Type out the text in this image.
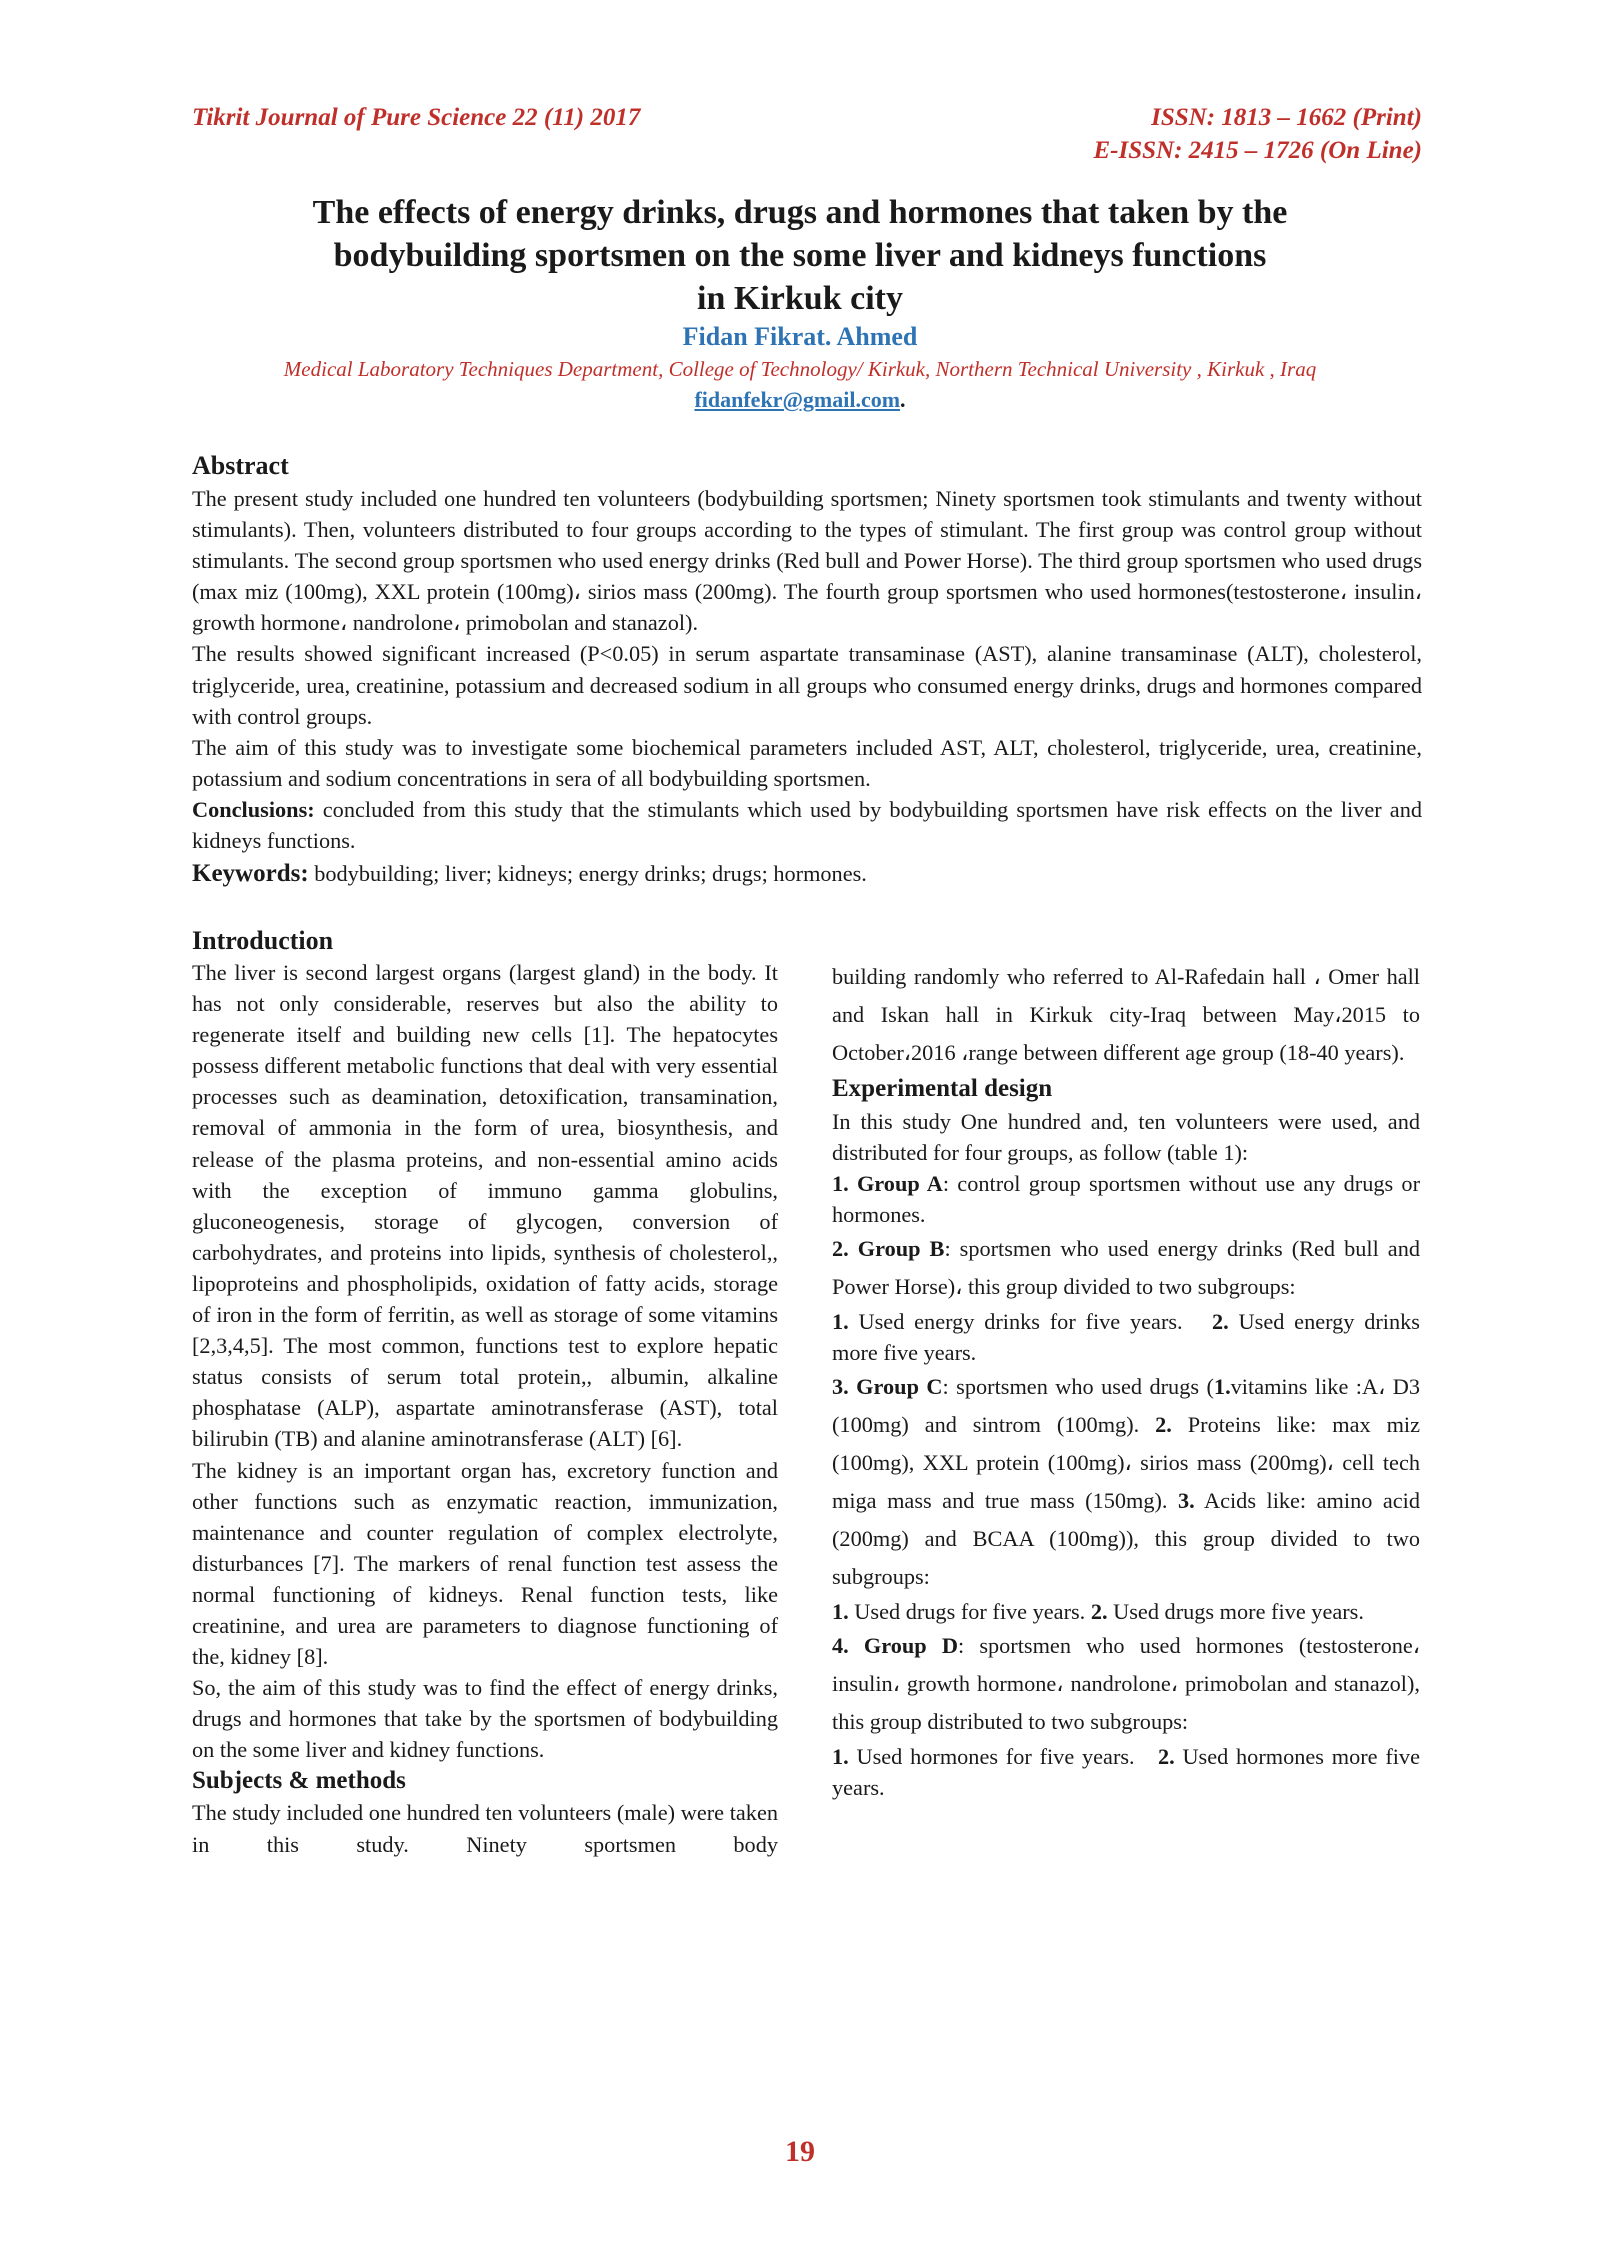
Tikrit Journal of Pure Science 22 (11) 2017	ISSN: 1813 – 1662 (Print)
E-ISSN: 2415 – 1726 (On Line)
The effects of energy drinks, drugs and hormones that taken by the
bodybuilding sportsmen on the some liver and kidneys functions
in Kirkuk city
Fidan Fikrat. Ahmed
Medical Laboratory Techniques Department, College of Technology/ Kirkuk, Northern Technical University , Kirkuk , Iraq
fidanfekr@gmail.com.
Abstract

The present study included one hundred ten volunteers (bodybuilding sportsmen; Ninety sportsmen took stimulants and twenty without stimulants). Then, volunteers distributed to four groups according to the types of stimulant. The first group was control group without stimulants. The second group sportsmen who used energy drinks (Red bull and Power Horse). The third group sportsmen who used drugs (max miz (100mg), XXL protein (100mg)، sirios mass (200mg). The fourth group sportsmen who used hormones(testosterone، insulin، growth hormone، nandrolone، primobolan and stanazol).

The results showed significant increased (P<0.05) in serum aspartate transaminase (AST), alanine transaminase (ALT), cholesterol, triglyceride, urea, creatinine, potassium and decreased sodium in all groups who consumed energy drinks, drugs and hormones compared with control groups.

The aim of this study was to investigate some biochemical parameters included AST, ALT, cholesterol, triglyceride, urea, creatinine, potassium and sodium concentrations in sera of all bodybuilding sportsmen.

Conclusions: concluded from this study that the stimulants which used by bodybuilding sportsmen have risk effects on the liver and kidneys functions.

Keywords: bodybuilding; liver; kidneys; energy drinks; drugs; hormones.

Introduction

The liver is second largest organs (largest gland) in the body. It has not only considerable, reserves but also the ability to regenerate itself and building new cells [1]. The hepatocytes possess different metabolic functions that deal with very essential processes such as deamination, detoxification, transamination, removal of ammonia in the form of urea, biosynthesis, and release of the plasma proteins, and non-essential amino acids with the exception of immuno gamma globulins, gluconeogenesis, storage of glycogen, conversion of carbohydrates, and proteins into lipids, synthesis of cholesterol,, lipoproteins and phospholipids, oxidation of fatty acids, storage of iron in the form of ferritin, as well as storage of some vitamins [2,3,4,5]. The most common, functions test to explore hepatic status consists of serum total protein,, albumin, alkaline phosphatase (ALP), aspartate aminotransferase (AST), total bilirubin (TB) and alanine aminotransferase (ALT) [6].

The kidney is an important organ has, excretory function and other functions such as enzymatic reaction, immunization, maintenance and counter regulation of complex electrolyte, disturbances [7]. The markers of renal function test assess the normal functioning of kidneys. Renal function tests, like creatinine, and urea are parameters to diagnose functioning of the, kidney [8].

So, the aim of this study was to find the effect of energy drinks, drugs and hormones that take by the sportsmen of bodybuilding on the some liver and kidney functions.

Subjects & methods

The study included one hundred ten volunteers (male) were taken in this study. Ninety sportsmen body

building randomly who referred to Al-Rafedain hall ، Omer hall and Iskan hall in Kirkuk city-Iraq between May،2015 to October،2016 ،range between different age group (18-40 years).

Experimental design

In this study One hundred and, ten volunteers were used, and distributed for four groups, as follow (table 1):

1. Group A: control group sportsmen without use any drugs or hormones.

2. Group B: sportsmen who used energy drinks (Red bull and Power Horse)، this group divided to two subgroups:

1. Used energy drinks for five years. 2. Used energy drinks more five years.

3. Group C: sportsmen who used drugs (1.vitamins like :A، D3 (100mg) and sintrom (100mg). 2. Proteins like: max miz (100mg), XXL protein (100mg)، sirios mass (200mg)، cell tech miga mass and true mass (150mg). 3. Acids like: amino acid (200mg) and BCAA (100mg)), this group divided to two subgroups:

1. Used drugs for five years. 2. Used drugs more five years.

4. Group D: sportsmen who used hormones (testosterone، insulin، growth hormone، nandrolone، primobolan and stanazol), this group distributed to two subgroups:

1. Used hormones for five years. 2. Used hormones more five years.

19
